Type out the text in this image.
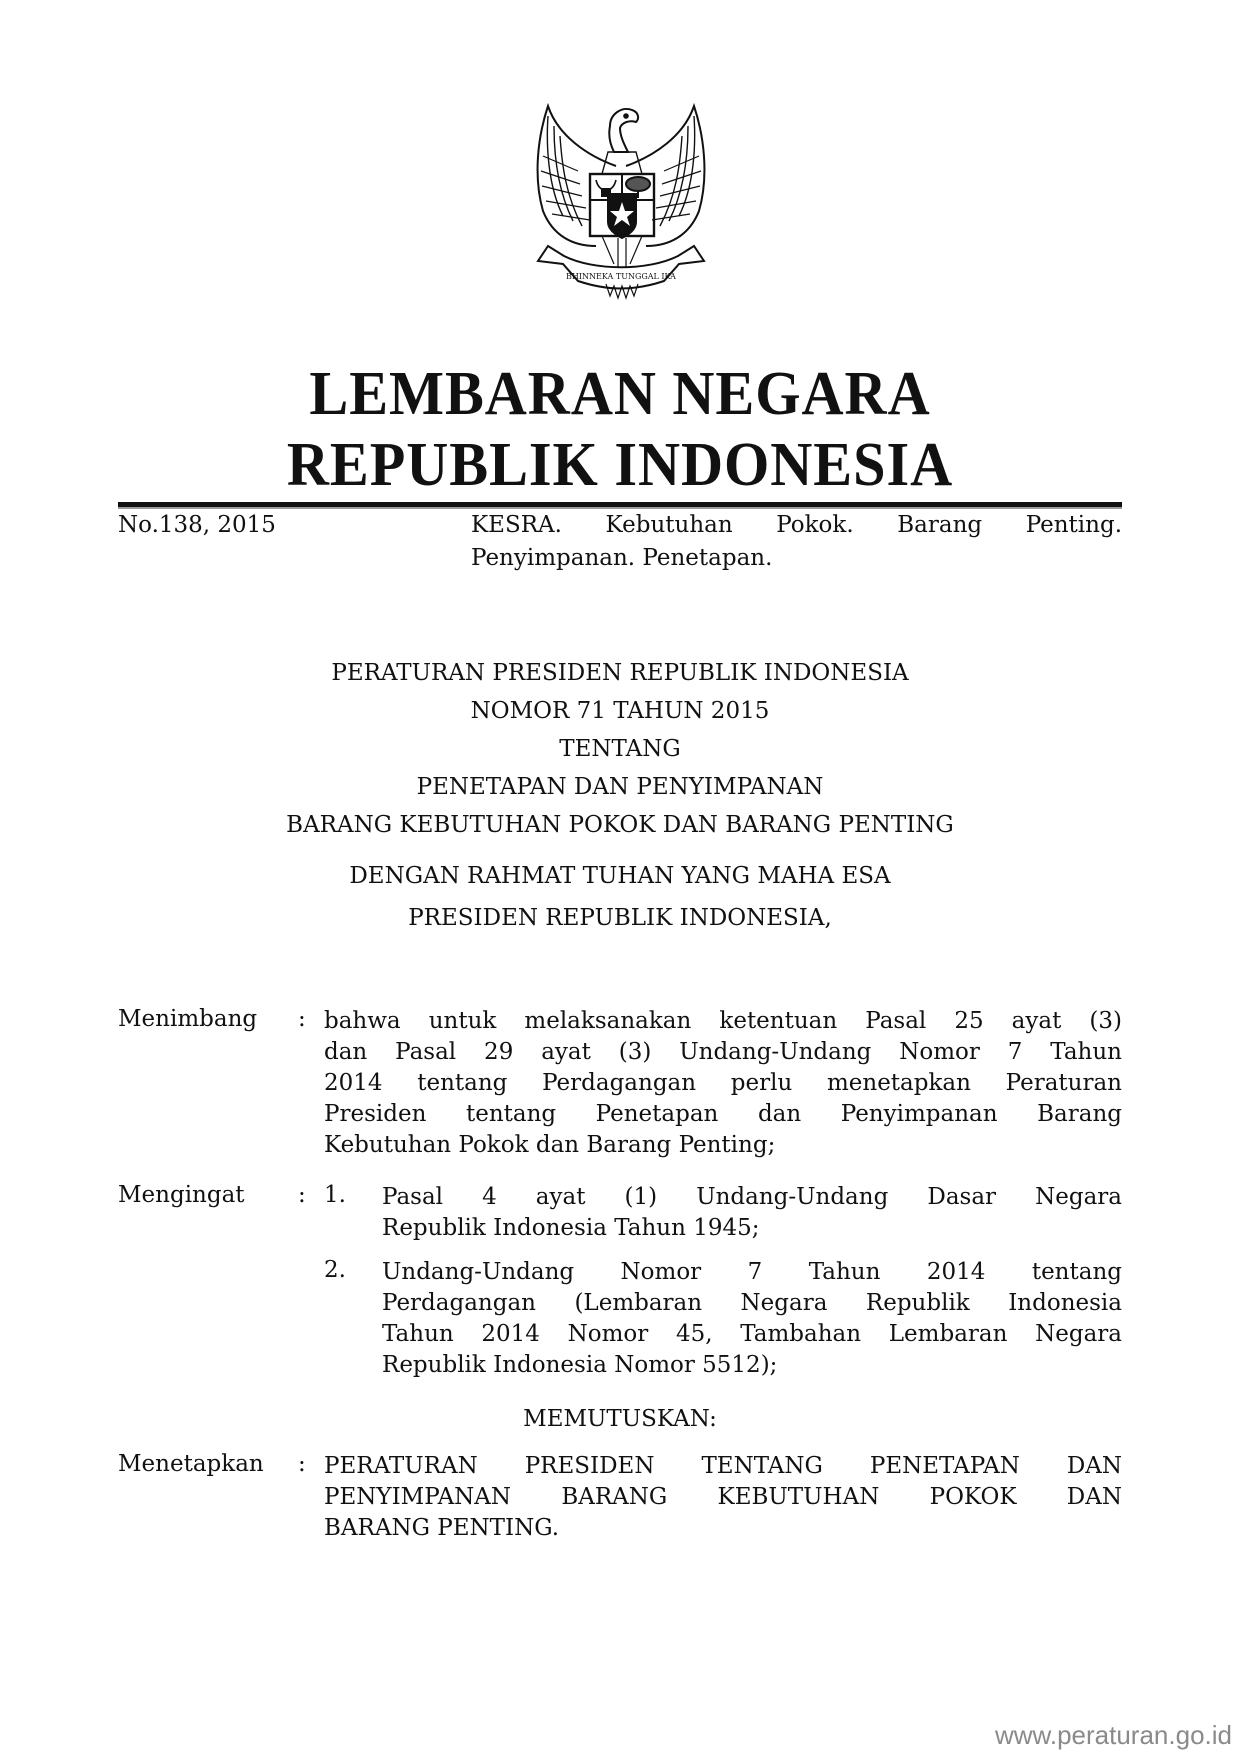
BHINNEKA TUNGGAL IKA
LEMBARAN NEGARA
REPUBLIK INDONESIA
No.138, 2015	KESRA. Kebutuhan Pokok. Barang Penting.
Penyimpanan. Penetapan.
PERATURAN PRESIDEN REPUBLIK INDONESIA
NOMOR 71 TAHUN 2015
TENTANG
PENETAPAN DAN PENYIMPANAN
BARANG KEBUTUHAN POKOK DAN BARANG PENTING
DENGAN RAHMAT TUHAN YANG MAHA ESA
PRESIDEN REPUBLIK INDONESIA,
Menimbang : bahwa untuk melaksanakan ketentuan Pasal 25 ayat (3)
dan Pasal 29 ayat (3) Undang-Undang Nomor 7 Tahun
2014 tentang Perdagangan perlu menetapkan Peraturan
Presiden tentang Penetapan dan Penyimpanan Barang
Kebutuhan Pokok dan Barang Penting;
Mengingat : 1. Pasal 4 ayat (1) Undang-Undang Dasar Negara
Republik Indonesia Tahun 1945;
2. Undang-Undang Nomor 7 Tahun 2014 tentang
Perdagangan (Lembaran Negara Republik Indonesia
Tahun 2014 Nomor 45, Tambahan Lembaran Negara
Republik Indonesia Nomor 5512);
MEMUTUSKAN:
Menetapkan : PERATURAN PRESIDEN TENTANG PENETAPAN DAN
PENYIMPANAN BARANG KEBUTUHAN POKOK DAN
BARANG PENTING.
www.peraturan.go.id
